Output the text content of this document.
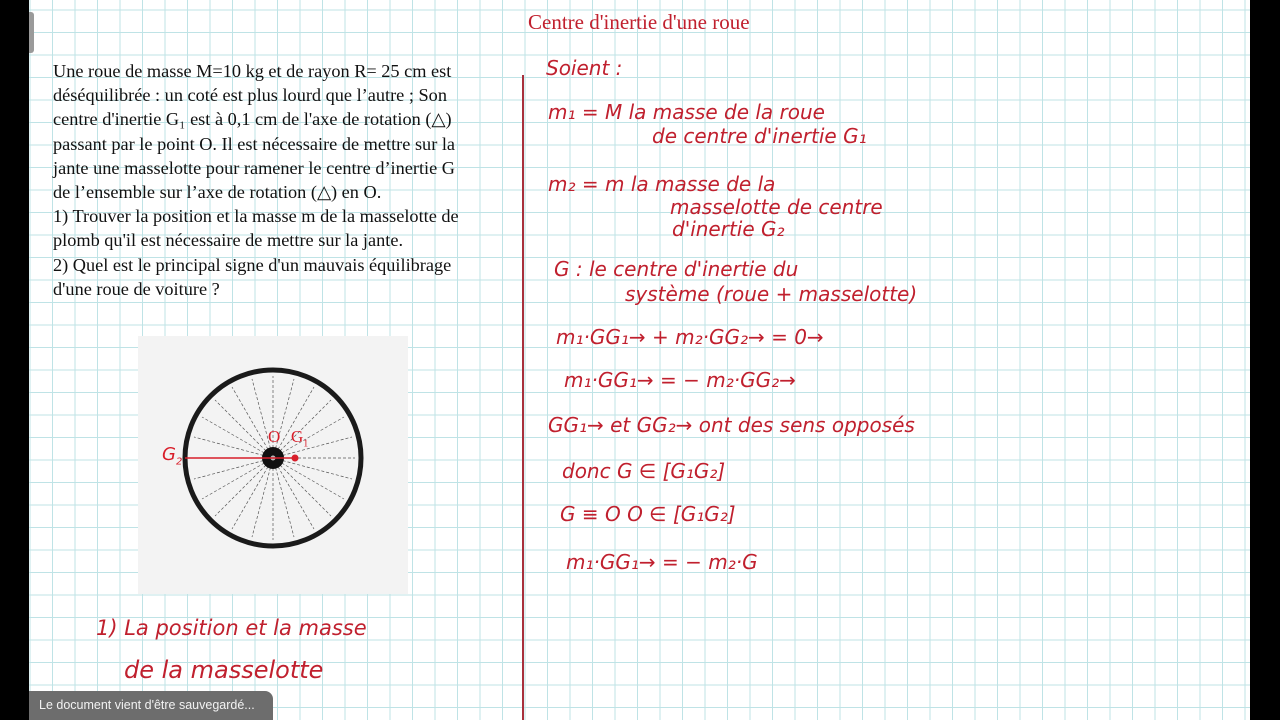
Centre d'inertie d'une roue

Une roue de masse M=10 kg et de rayon R= 25 cm est

déséquilibrée : un coté est plus lourd que l’autre ; Son

centre d'inertie G₁ est à 0,1 cm de l'axe de rotation (△)

passant par le point O. Il est nécessaire de mettre sur la

jante une masselotte pour ramener le centre d’inertie G

de l’ensemble sur l’axe de rotation (△) en O.

1) Trouver la position et la masse m de la masselotte de

plomb qu'il est nécessaire de mettre sur la jante.

2) Quel est le principal signe d'un mauvais équilibrage

d'une roue de voiture ?

O $G_1$
$G_2$
1) La position et la masse
de la masselotte
Soient :
m₁ = M la masse de la roue
de centre d'inertie G₁
m₂ = m la masse de la
masselotte de centre
d'inertie G₂
G : le centre d'inertie du
système (roue + masselotte)
m₁·GG₁→ + m₂·GG₂→ = 0→
m₁·GG₁→ = − m₂·GG₂→
GG₁→ et GG₂→ ont des sens opposés
donc G ∈ [G₁G₂]
G ≡ O O ∈ [G₁G₂]
m₁·GG₁→ = − m₂·G
Le document vient d'être sauvegardé...
